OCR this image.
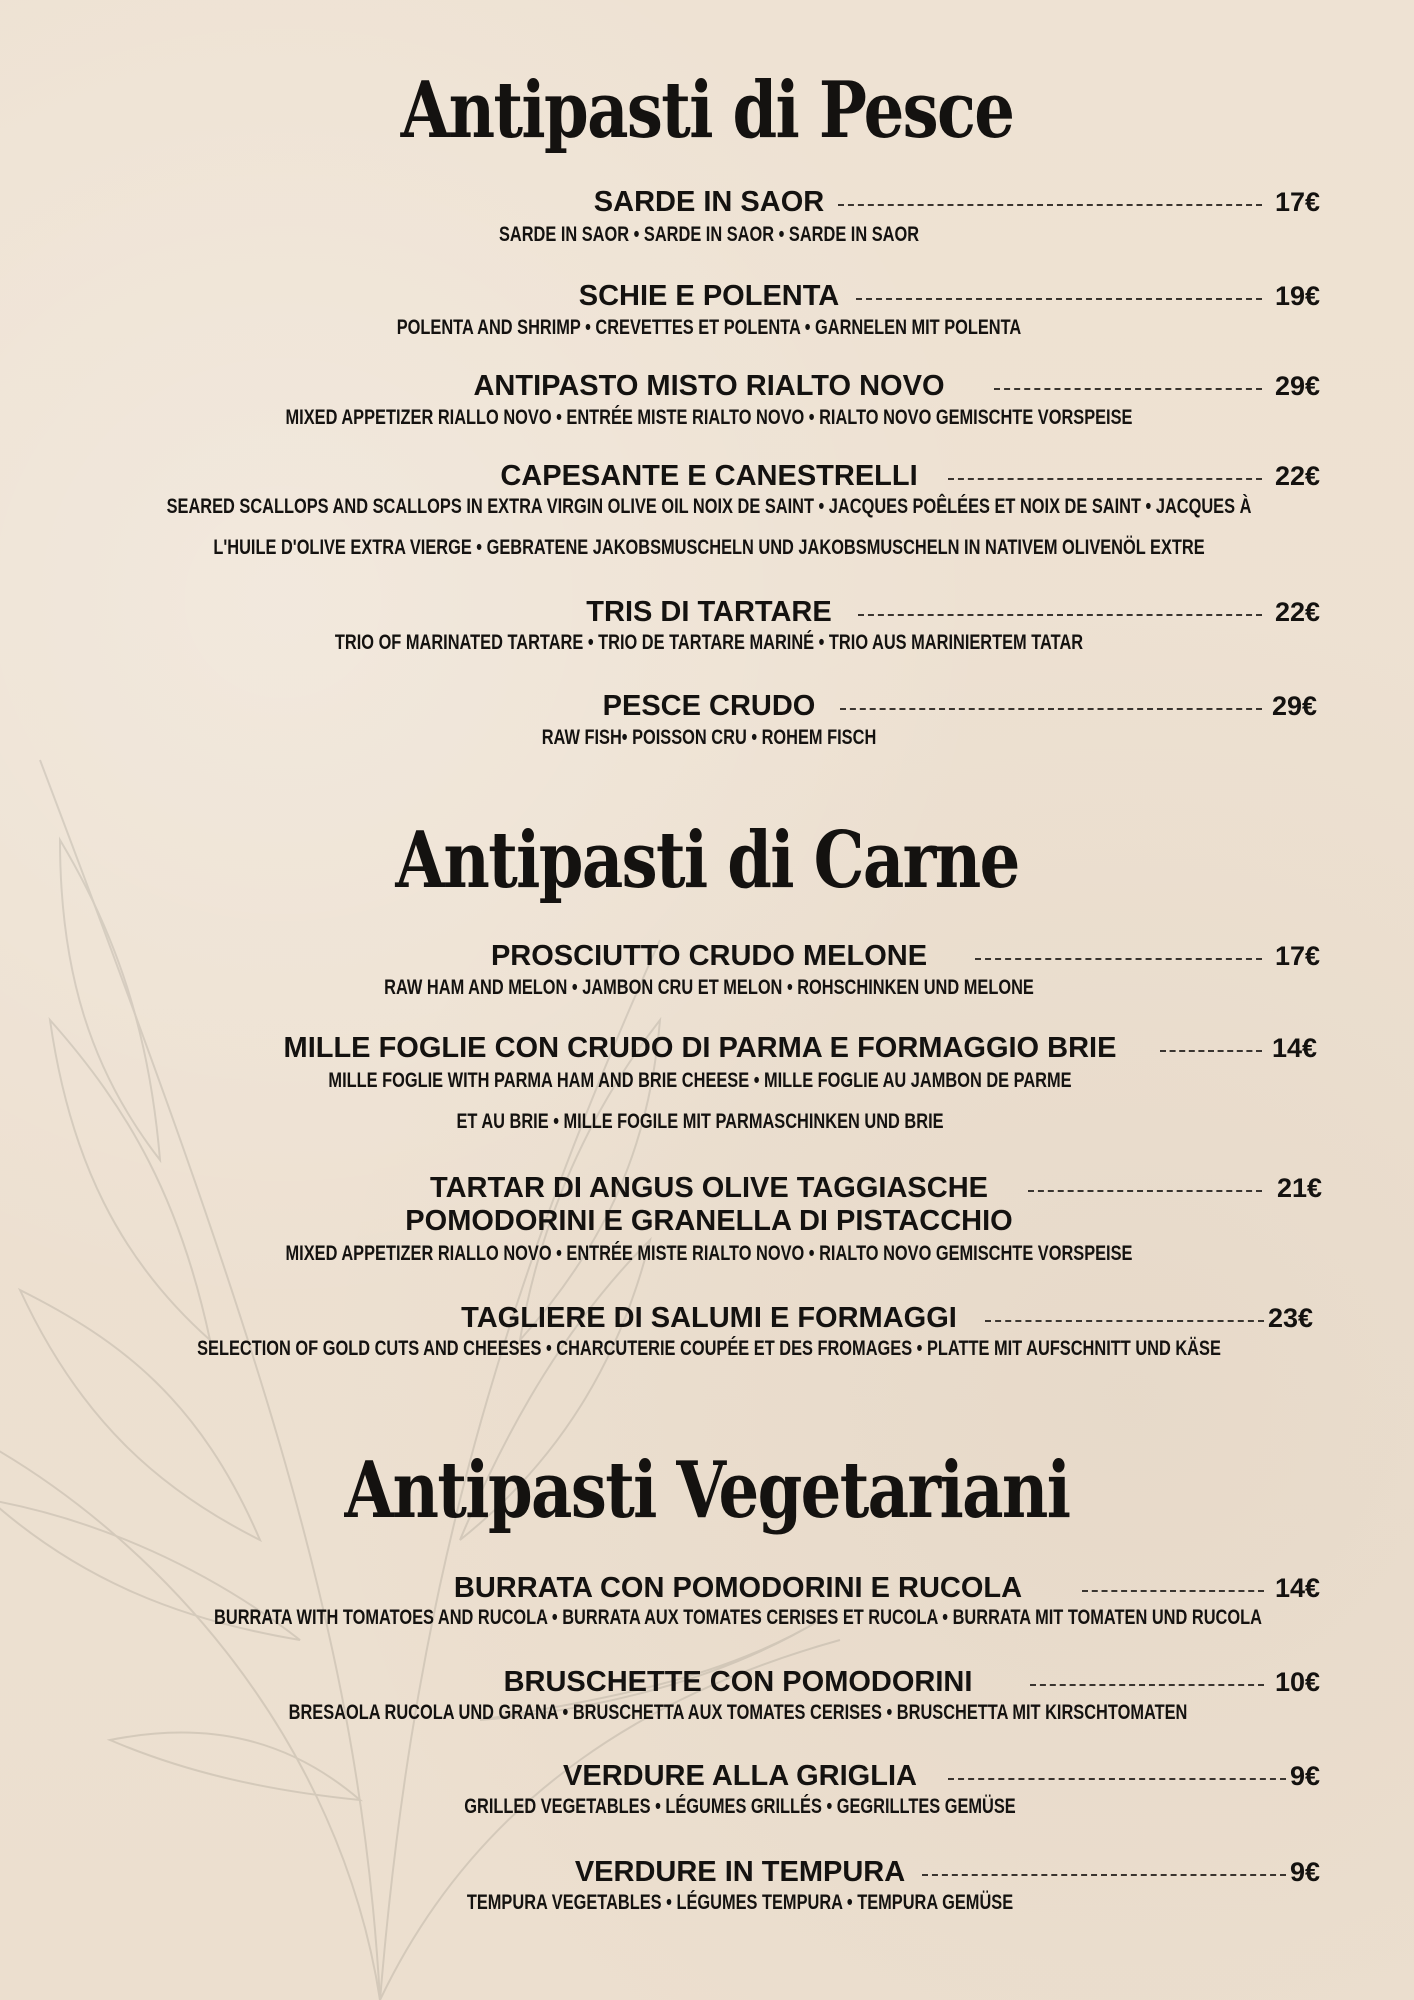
Antipasti di Pesce
SARDE IN SAOR	17€
SARDE IN SAOR • SARDE IN SAOR • SARDE IN SAOR
SCHIE E POLENTA	19€
POLENTA AND SHRIMP • CREVETTES ET POLENTA • GARNELEN MIT POLENTA
ANTIPASTO MISTO RIALTO NOVO	29€
MIXED APPETIZER RIALLO NOVO • ENTRÉE MISTE RIALTO NOVO • RIALTO NOVO GEMISCHTE VORSPEISE
CAPESANTE E CANESTRELLI	22€
SEARED SCALLOPS AND SCALLOPS IN EXTRA VIRGIN OLIVE OIL NOIX DE SAINT • JACQUES POÊLÉES ET NOIX DE SAINT • JACQUES À
L'HUILE D'OLIVE EXTRA VIERGE • GEBRATENE JAKOBSMUSCHELN UND JAKOBSMUSCHELN IN NATIVEM OLIVENÖL EXTRE
TRIS DI TARTARE	22€
TRIO OF MARINATED TARTARE • TRIO DE TARTARE MARINÉ • TRIO AUS MARINIERTEM TATAR
PESCE CRUDO	29€
RAW FISH• POISSON CRU • ROHEM FISCH
Antipasti di Carne
PROSCIUTTO CRUDO MELONE	17€
RAW HAM AND MELON • JAMBON CRU ET MELON • ROHSCHINKEN UND MELONE
MILLE FOGLIE CON CRUDO DI PARMA E FORMAGGIO BRIE	14€
MILLE FOGLIE WITH PARMA HAM AND BRIE CHEESE • MILLE FOGLIE AU JAMBON DE PARME
ET AU BRIE • MILLE FOGILE MIT PARMASCHINKEN UND BRIE
TARTAR DI ANGUS OLIVE TAGGIASCHE
POMODORINI E GRANELLA DI PISTACCHIO
21€
MIXED APPETIZER RIALLO NOVO • ENTRÉE MISTE RIALTO NOVO • RIALTO NOVO GEMISCHTE VORSPEISE
TAGLIERE DI SALUMI E FORMAGGI	23€
SELECTION OF GOLD CUTS AND CHEESES • CHARCUTERIE COUPÉE ET DES FROMAGES • PLATTE MIT AUFSCHNITT UND KÄSE
Antipasti Vegetariani
BURRATA CON POMODORINI E RUCOLA	14€
BURRATA WITH TOMATOES AND RUCOLA • BURRATA AUX TOMATES CERISES ET RUCOLA • BURRATA MIT TOMATEN UND RUCOLA
BRUSCHETTE CON POMODORINI	10€
BRESAOLA RUCOLA UND GRANA • BRUSCHETTA AUX TOMATES CERISES • BRUSCHETTA MIT KIRSCHTOMATEN
VERDURE ALLA GRIGLIA	9€
GRILLED VEGETABLES • LÉGUMES GRILLÉS • GEGRILLTES GEMÜSE
VERDURE IN TEMPURA	9€
TEMPURA VEGETABLES • LÉGUMES TEMPURA • TEMPURA GEMÜSE
